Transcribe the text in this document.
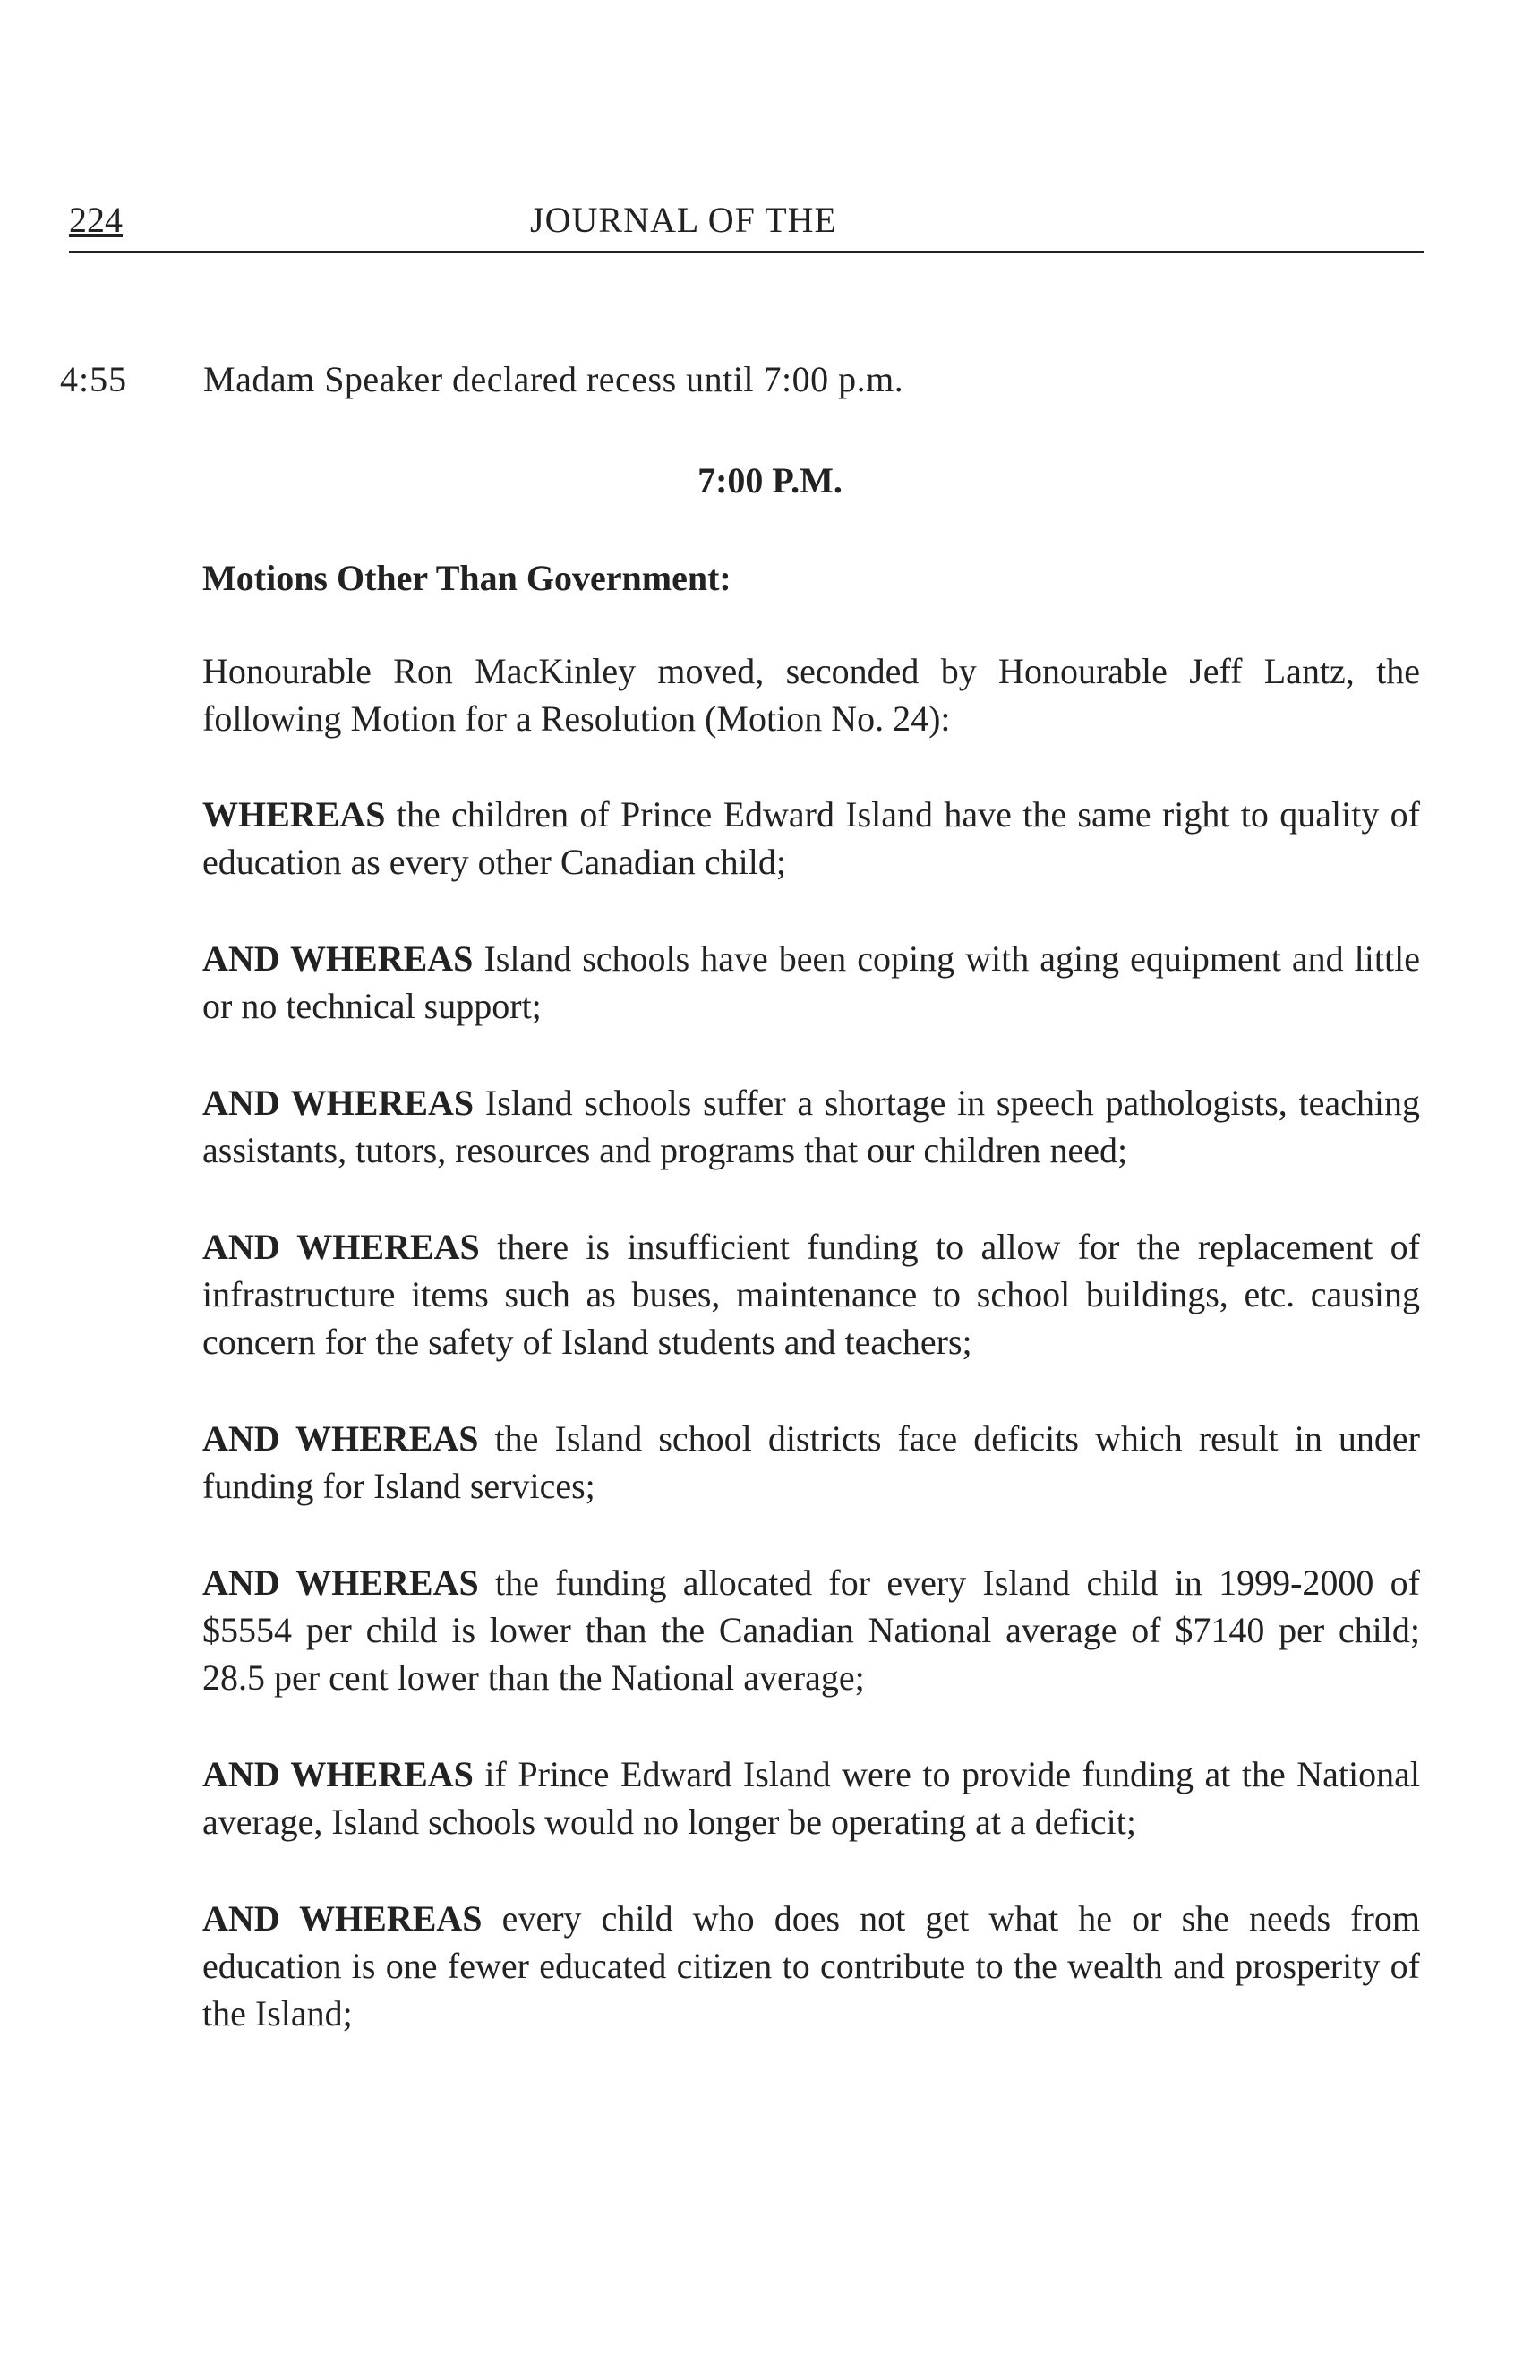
224	JOURNAL OF THE
4:55 Madam Speaker declared recess until 7:00 p.m.
7:00 P.M.
Motions Other Than Government:

Honourable Ron MacKinley moved, seconded by Honourable Jeff Lantz, the following Motion for a Resolution (Motion No. 24):

WHEREAS the children of Prince Edward Island have the same right to quality of education as every other Canadian child;

AND WHEREAS Island schools have been coping with aging equipment and little or no technical support;

AND WHEREAS Island schools suffer a shortage in speech pathologists, teaching assistants, tutors, resources and programs that our children need;

AND WHEREAS there is insufficient funding to allow for the replacement of infrastructure items such as buses, maintenance to school buildings, etc. causing concern for the safety of Island students and teachers;

AND WHEREAS the Island school districts face deficits which result in under funding for Island services;

AND WHEREAS the funding allocated for every Island child in 1999-2000 of $5554 per child is lower than the Canadian National average of $7140 per child; 28.5 per cent lower than the National average;

AND WHEREAS if Prince Edward Island were to provide funding at the National average, Island schools would no longer be operating at a deficit;

AND WHEREAS every child who does not get what he or she needs from education is one fewer educated citizen to contribute to the wealth and prosperity of the Island;
